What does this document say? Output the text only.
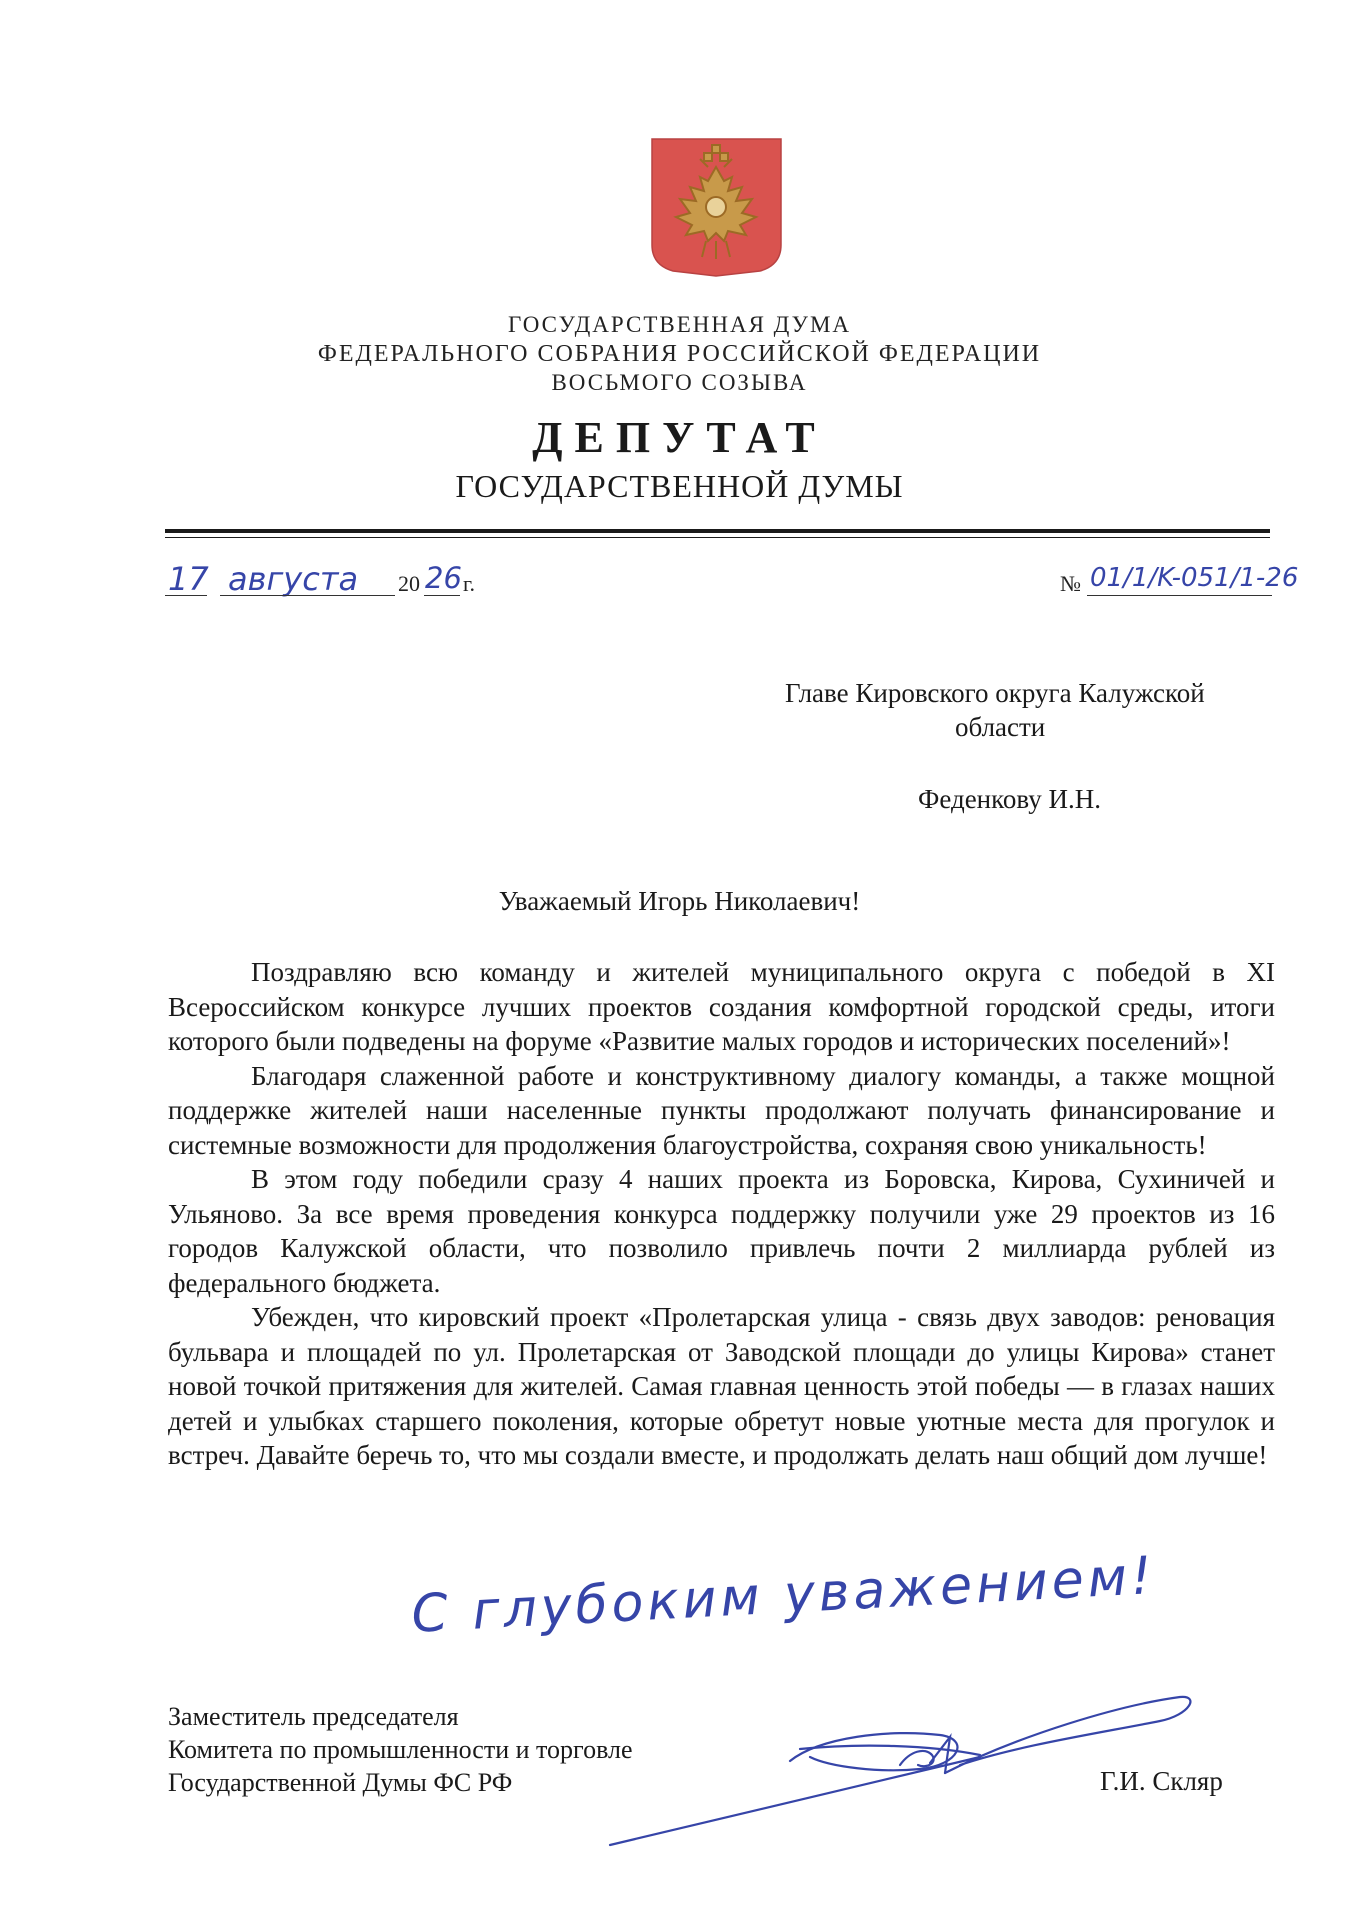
ГОСУДАРСТВЕННАЯ ДУМА
ФЕДЕРАЛЬНОГО СОБРАНИЯ РОССИЙСКОЙ ФЕДЕРАЦИИ
ВОСЬМОГО СОЗЫВА
ДЕПУТАТ
ГОСУДАРСТВЕННОЙ ДУМЫ
17 августа 20 26 г.	№ 01/1/K-051/1-26
Главе Кировского округа Калужской
области
Феденкову И.Н.
Уважаемый Игорь Николаевич!

Поздравляю всю команду и жителей муниципального округа с победой в XI Всероссийском конкурсе лучших проектов создания комфортной городской среды, итоги которого были подведены на форуме «Развитие малых городов и исторических поселений»!

Благодаря слаженной работе и конструктивному диалогу команды, а также мощной поддержке жителей наши населенные пункты продолжают получать финансирование и системные возможности для продолжения благоустройства, сохраняя свою уникальность!

В этом году победили сразу 4 наших проекта из Боровска, Кирова, Сухиничей и Ульяново. За все время проведения конкурса поддержку получили уже 29 проектов из 16 городов Калужской области, что позволило привлечь почти 2 миллиарда рублей из федерального бюджета.

Убежден, что кировский проект «Пролетарская улица - связь двух заводов: реновация бульвара и площадей по ул. Пролетарская от Заводской площади до улицы Кирова» станет новой точкой притяжения для жителей. Самая главная ценность этой победы — в глазах наших детей и улыбках старшего поколения, которые обретут новые уютные места для прогулок и встреч. Давайте беречь то, что мы создали вместе, и продолжать делать наш общий дом лучше!

С глубоким уважением!
Заместитель председателя
Комитета по промышленности и торговле
Государственной Думы ФС РФ	Г.И. Скляр
